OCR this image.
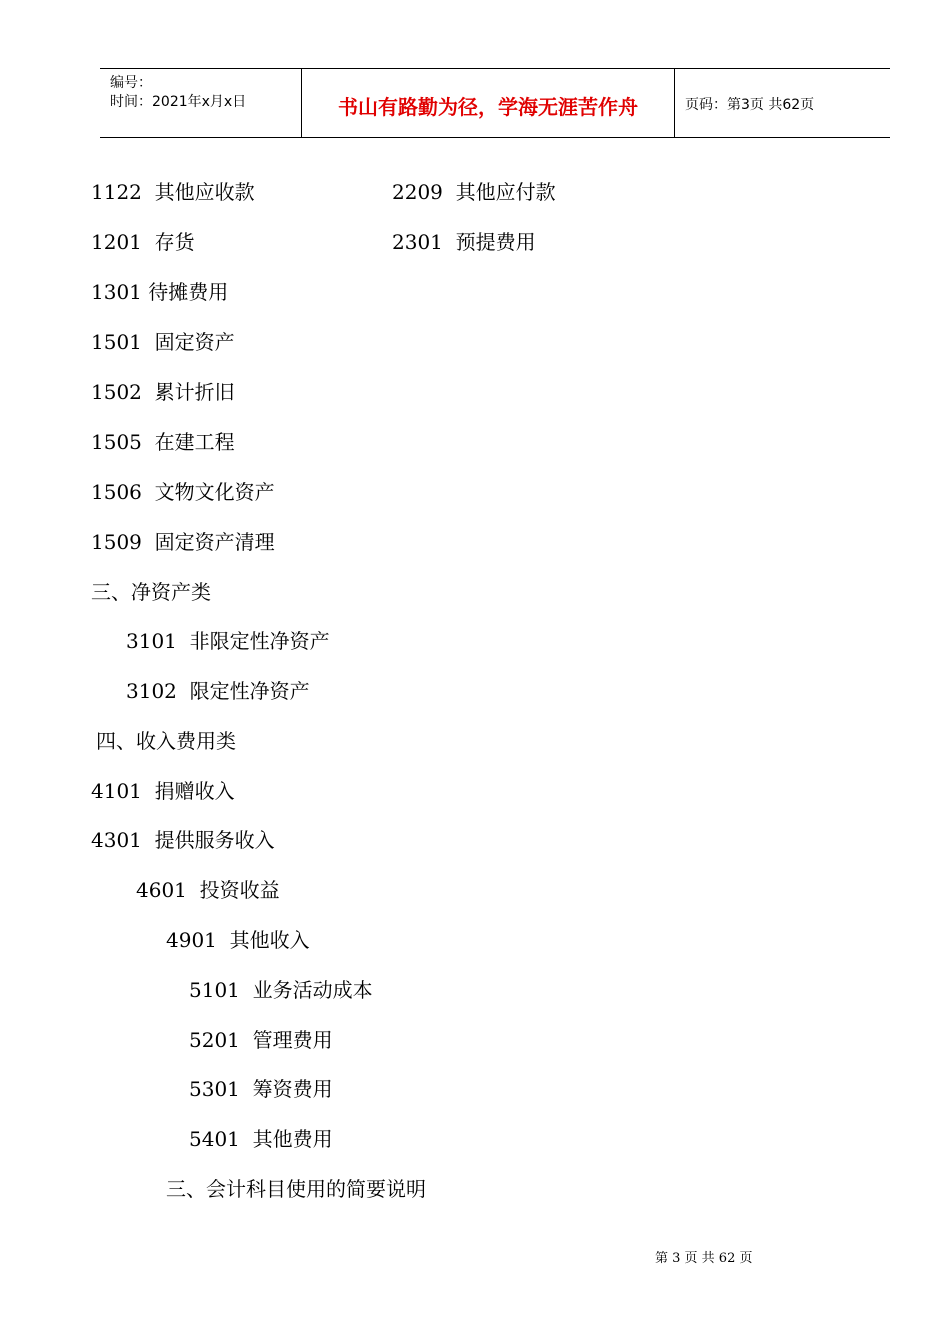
编号：
时间：2021年x月x日	书山有路勤为径，学海无涯苦作舟	页码：第3页 共62页
1122  其他应收款	2209  其他应付款
1201  存货	2301  预提费用
1301 待摊费用
1501  固定资产
1502  累计折旧
1505  在建工程
1506  文物文化资产
1509  固定资产清理
三、净资产类
3101  非限定性净资产
3102  限定性净资产
四、收入费用类
4101  捐赠收入
4301  提供服务收入
4601  投资收益
4901  其他收入
5101  业务活动成本
5201  管理费用
5301  筹资费用
5401  其他费用
三、会计科目使用的简要说明
第 3 页 共 62 页
